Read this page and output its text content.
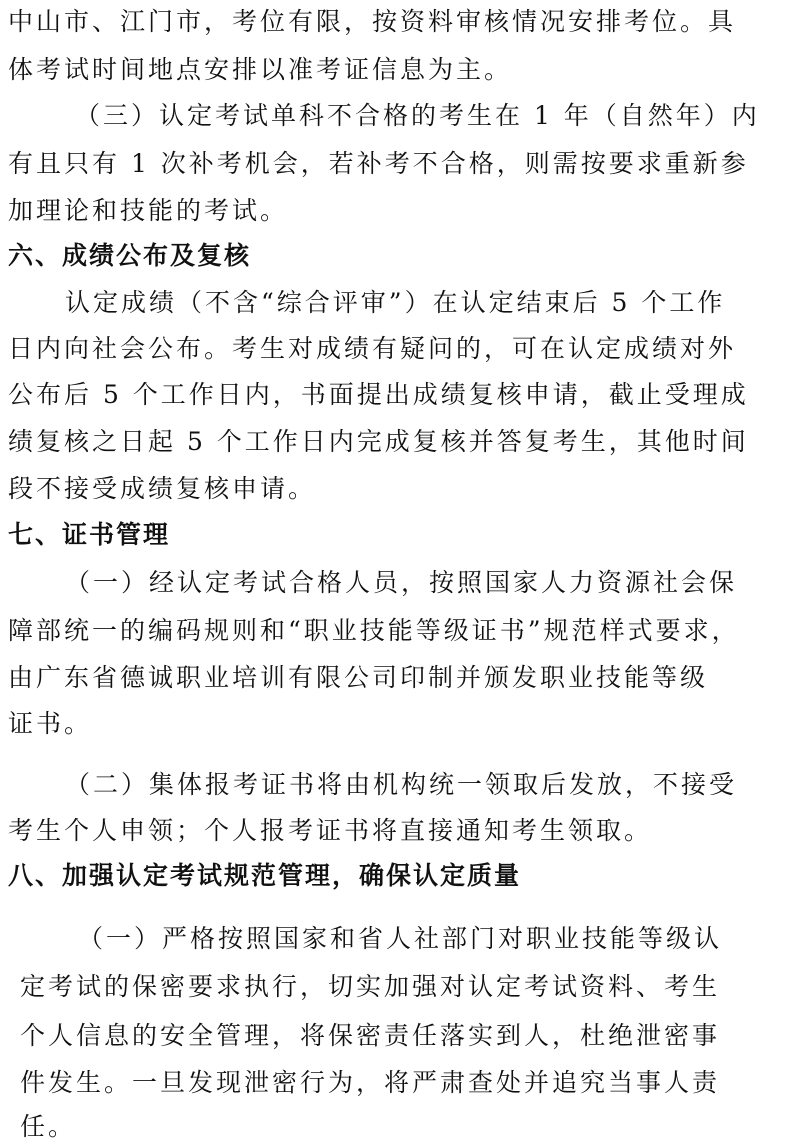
中山市、江门市，考位有限，按资料审核情况安排考位。具
体考试时间地点安排以准考证信息为主。
（三）认定考试单科不合格的考生在 1 年（自然年）内
有且只有 1 次补考机会，若补考不合格，则需按要求重新参
加理论和技能的考试。
六、成绩公布及复核
认定成绩（不含“综合评审”）在认定结束后 5 个工作
日内向社会公布。考生对成绩有疑问的，可在认定成绩对外
公布后 5 个工作日内，书面提出成绩复核申请，截止受理成
绩复核之日起 5 个工作日内完成复核并答复考生，其他时间
段不接受成绩复核申请。
七、证书管理
（一）经认定考试合格人员，按照国家人力资源社会保
障部统一的编码规则和“职业技能等级证书”规范样式要求，
由广东省德诚职业培训有限公司印制并颁发职业技能等级
证书。
（二）集体报考证书将由机构统一领取后发放，不接受
考生个人申领；个人报考证书将直接通知考生领取。
八、加强认定考试规范管理，确保认定质量
（一）严格按照国家和省人社部门对职业技能等级认
定考试的保密要求执行，切实加强对认定考试资料、考生
个人信息的安全管理，将保密责任落实到人，杜绝泄密事
件发生。一旦发现泄密行为，将严肃查处并追究当事人责
任。
